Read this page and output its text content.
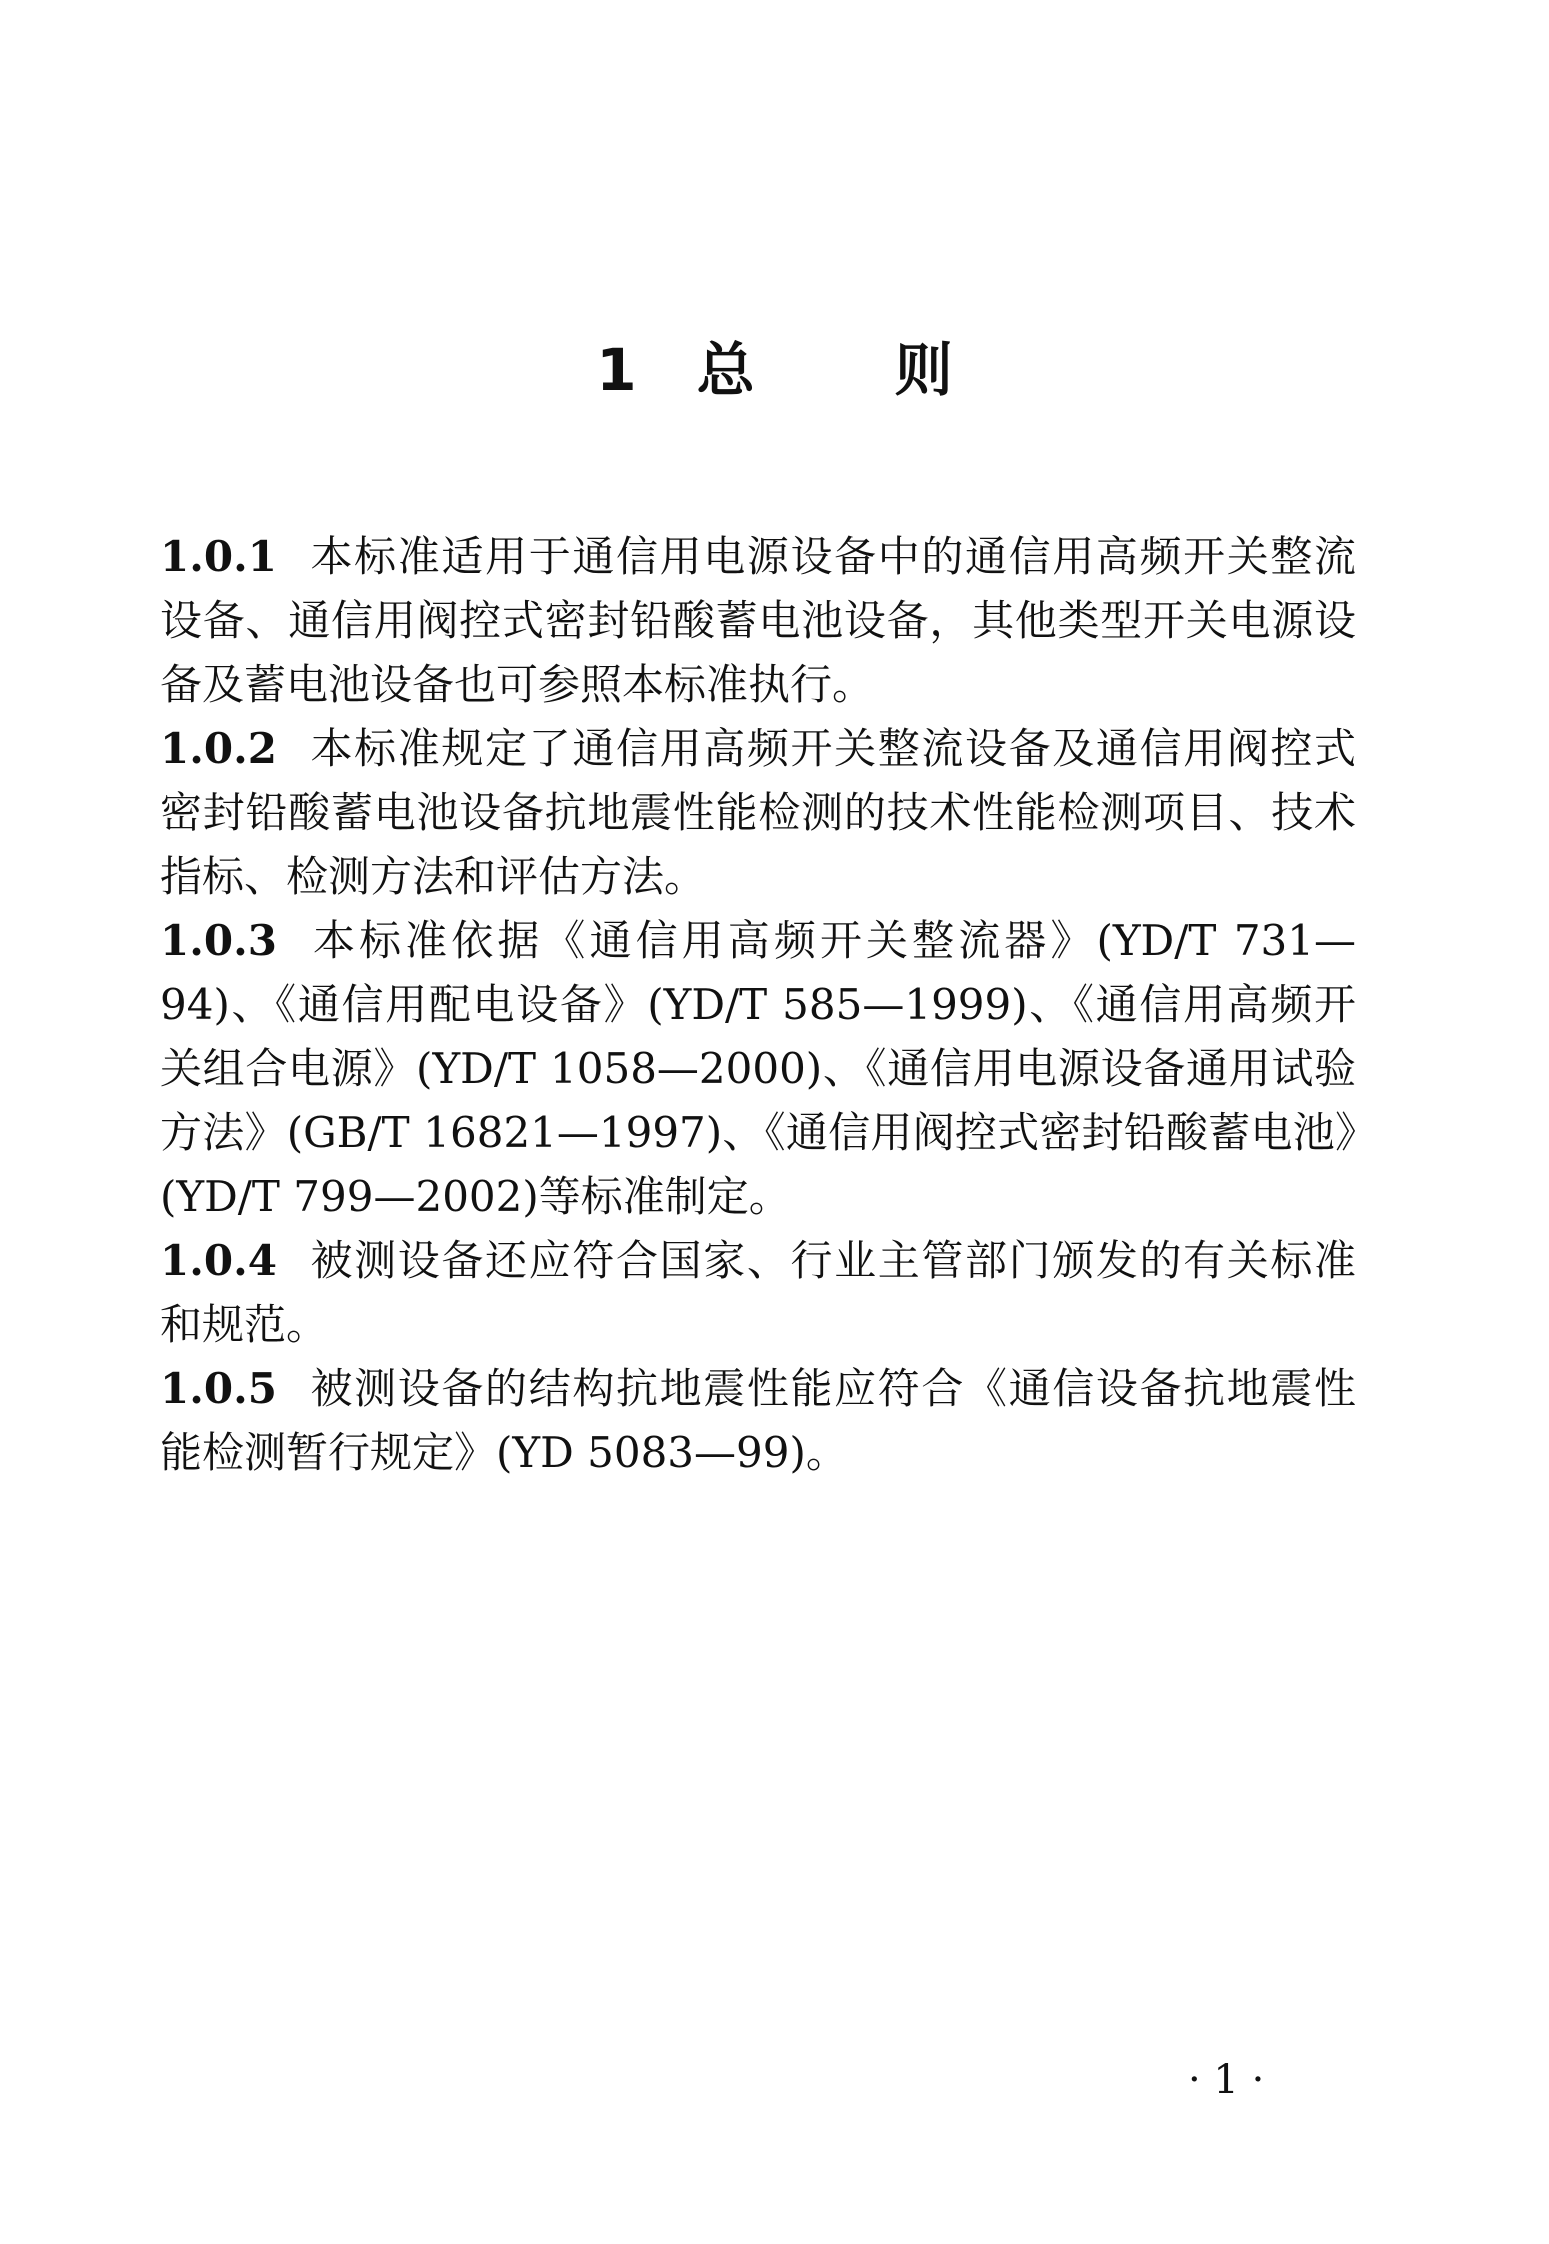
1 总 则

1.0.1 本标准适用于通信用电源设备中的通信用高频开关整流设备、通信用阀控式密封铅酸蓄电池设备，其他类型开关电源设备及蓄电池设备也可参照本标准执行。

1.0.2 本标准规定了通信用高频开关整流设备及通信用阀控式密封铅酸蓄电池设备抗地震性能检测的技术性能检测项目、技术指标、检测方法和评估方法。

1.0.3 本标准依据《通信用高频开关整流器》(YD/T 731—94)、《通信用配电设备》(YD/T 585—1999)、《通信用高频开关组合电源》(YD/T 1058—2000)、《通信用电源设备通用试验方法》(GB/T 16821—1997)、《通信用阀控式密封铅酸蓄电池》(YD/T 799—2002)等标准制定。

1.0.4 被测设备还应符合国家、行业主管部门颁发的有关标准和规范。

1.0.5 被测设备的结构抗地震性能应符合《通信设备抗地震性能检测暂行规定》(YD 5083—99)。

· 1 ·
